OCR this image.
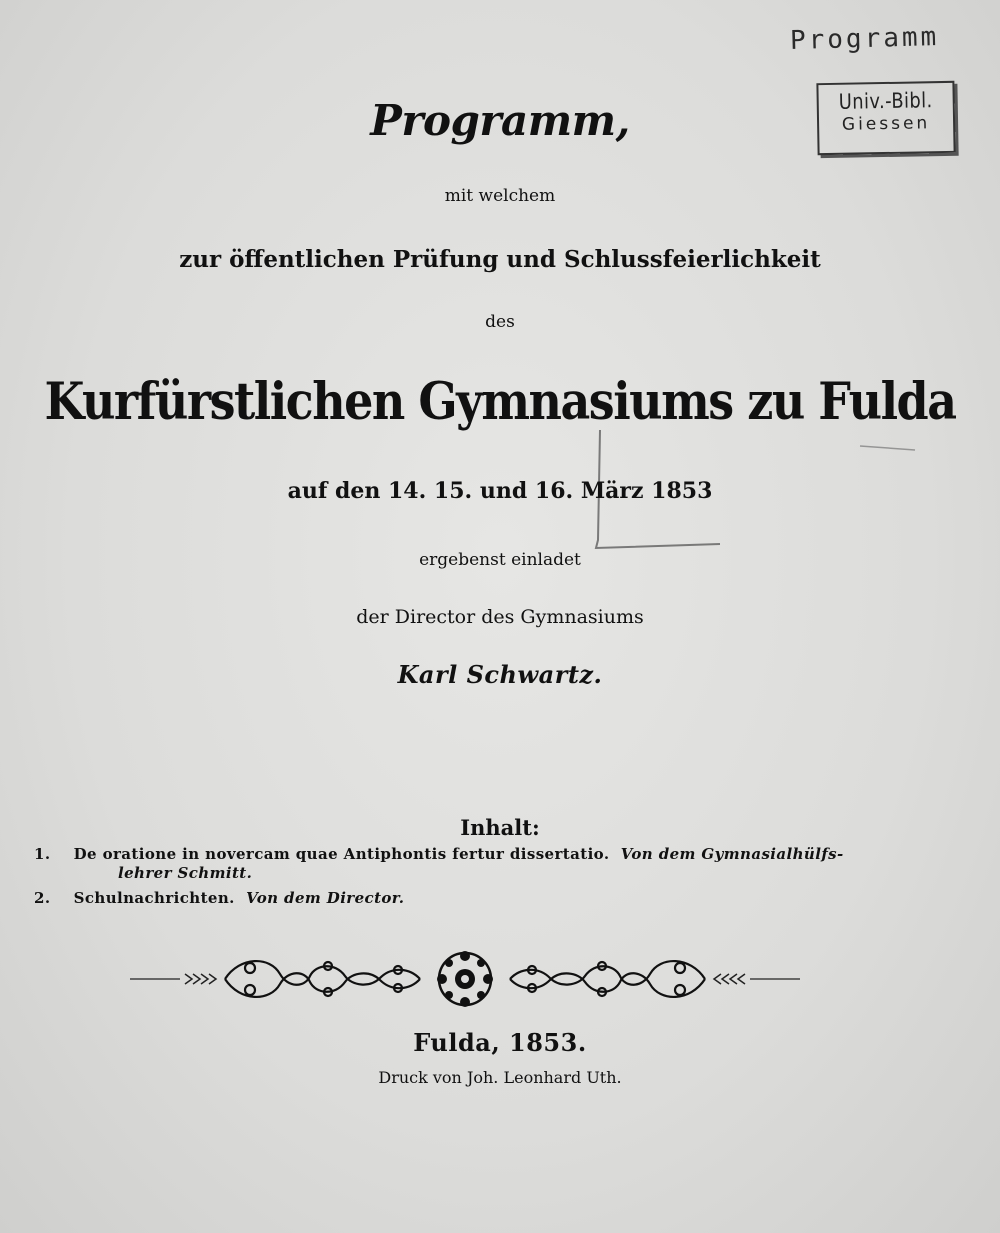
Programm
Univ.-Bibl.
Giessen
Programm,
mit welchem
zur öffentlichen Prüfung und Schlussfeierlichkeit
des
Kurfürstlichen Gymnasiums zu Fulda
auf den 14. 15. und 16. März 1853
ergebenst einladet
der Director des Gymnasiums
Karl Schwartz.
Inhalt:
1. De oratione in novercam quae Antiphontis fertur dissertatio. Von dem Gymnasialhülfs-
lehrer Schmitt.
2. Schulnachrichten. Von dem Director.
Fulda, 1853.
Druck von Joh. Leonhard Uth.
